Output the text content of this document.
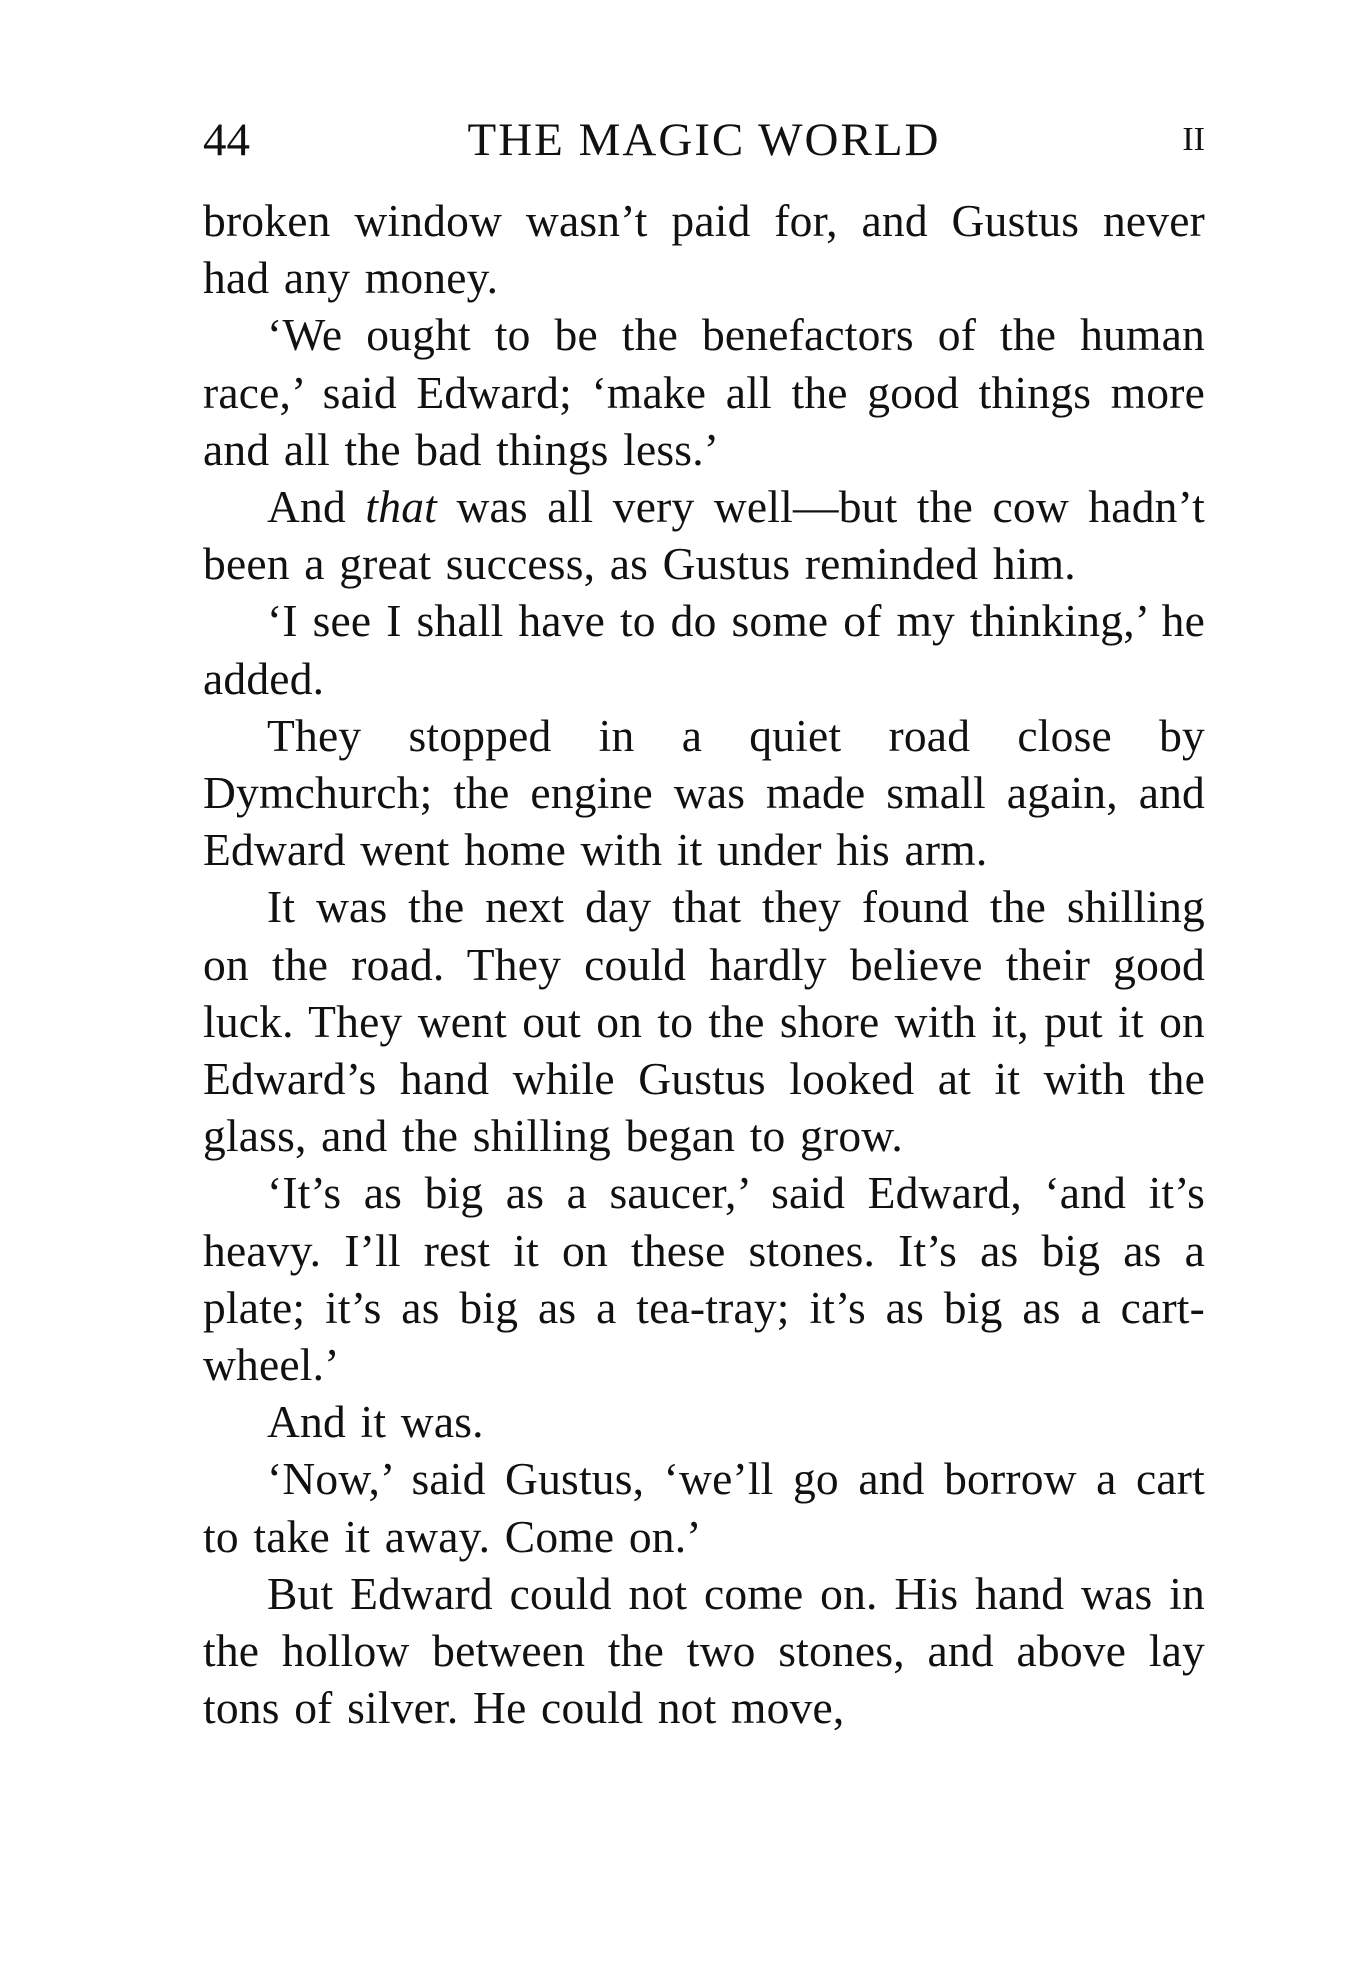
44	THE MAGIC WORLD	II

broken window wasn’t paid for, and Gustus never had any money.

‘We ought to be the benefactors of the human race,’ said Edward; ‘make all the good things more and all the bad things less.’

And that was all very well—but the cow hadn’t been a great success, as Gustus reminded him.

‘I see I shall have to do some of my thinking,’ he added.

They stopped in a quiet road close by Dymchurch; the engine was made small again, and Edward went home with it under his arm.

It was the next day that they found the shilling on the road. They could hardly believe their good luck. They went out on to the shore with it, put it on Edward’s hand while Gustus looked at it with the glass, and the shilling began to grow.

‘It’s as big as a saucer,’ said Edward, ‘and it’s heavy. I’ll rest it on these stones. It’s as big as a plate; it’s as big as a tea-tray; it’s as big as a cart-wheel.’

And it was.

‘Now,’ said Gustus, ‘we’ll go and borrow a cart to take it away. Come on.’

But Edward could not come on. His hand was in the hollow between the two stones, and above lay tons of silver. He could not move,
